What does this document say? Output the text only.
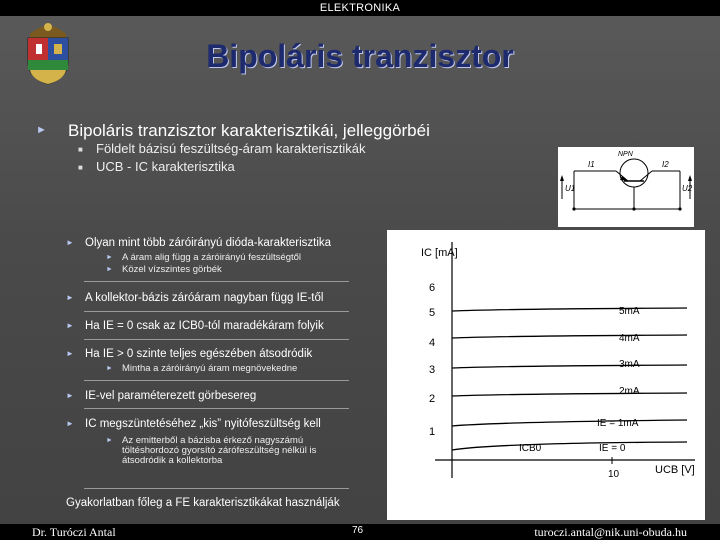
ELEKTRONIKA
Bipoláris tranzisztor
► Bipoláris tranzisztor karakterisztikái, jelleggörbéi
■ Földelt bázisú feszültség-áram karakterisztikák
■ UCB - IC karakterisztika
NPN
I1	I2
U1	U2
► Olyan mint több záróirányú dióda-karakterisztika
► A áram alig függ a záróirányú feszültségtől
► Közel vízszintes görbék
► A kollektor-bázis záróáram nagyban függ IE-től
► Ha IE = 0 csak az ICB0-tól maradékáram folyik
► Ha IE > 0 szinte teljes egészében átsodródik
► Mintha a záróirányú áram megnövekedne
► IE-vel paraméterezett görbesereg
► IC megszüntetéséhez „kis” nyitófeszültség kell
► Az emitterből a bázisba érkező nagyszámú töltéshordozó gyorsító zárófeszültség nélkül is átsodródik a kollektorba
Gyakorlatban főleg a FE karakterisztikákat használják
IC [mA]
UCB [V]
6
5
4
3
2
1
10
5mA
4mA
3mA
2mA
IE = 1mA
IE = 0
ICB0
Dr. Turóczi Antal	76	turoczi.antal@nik.uni-obuda.hu
